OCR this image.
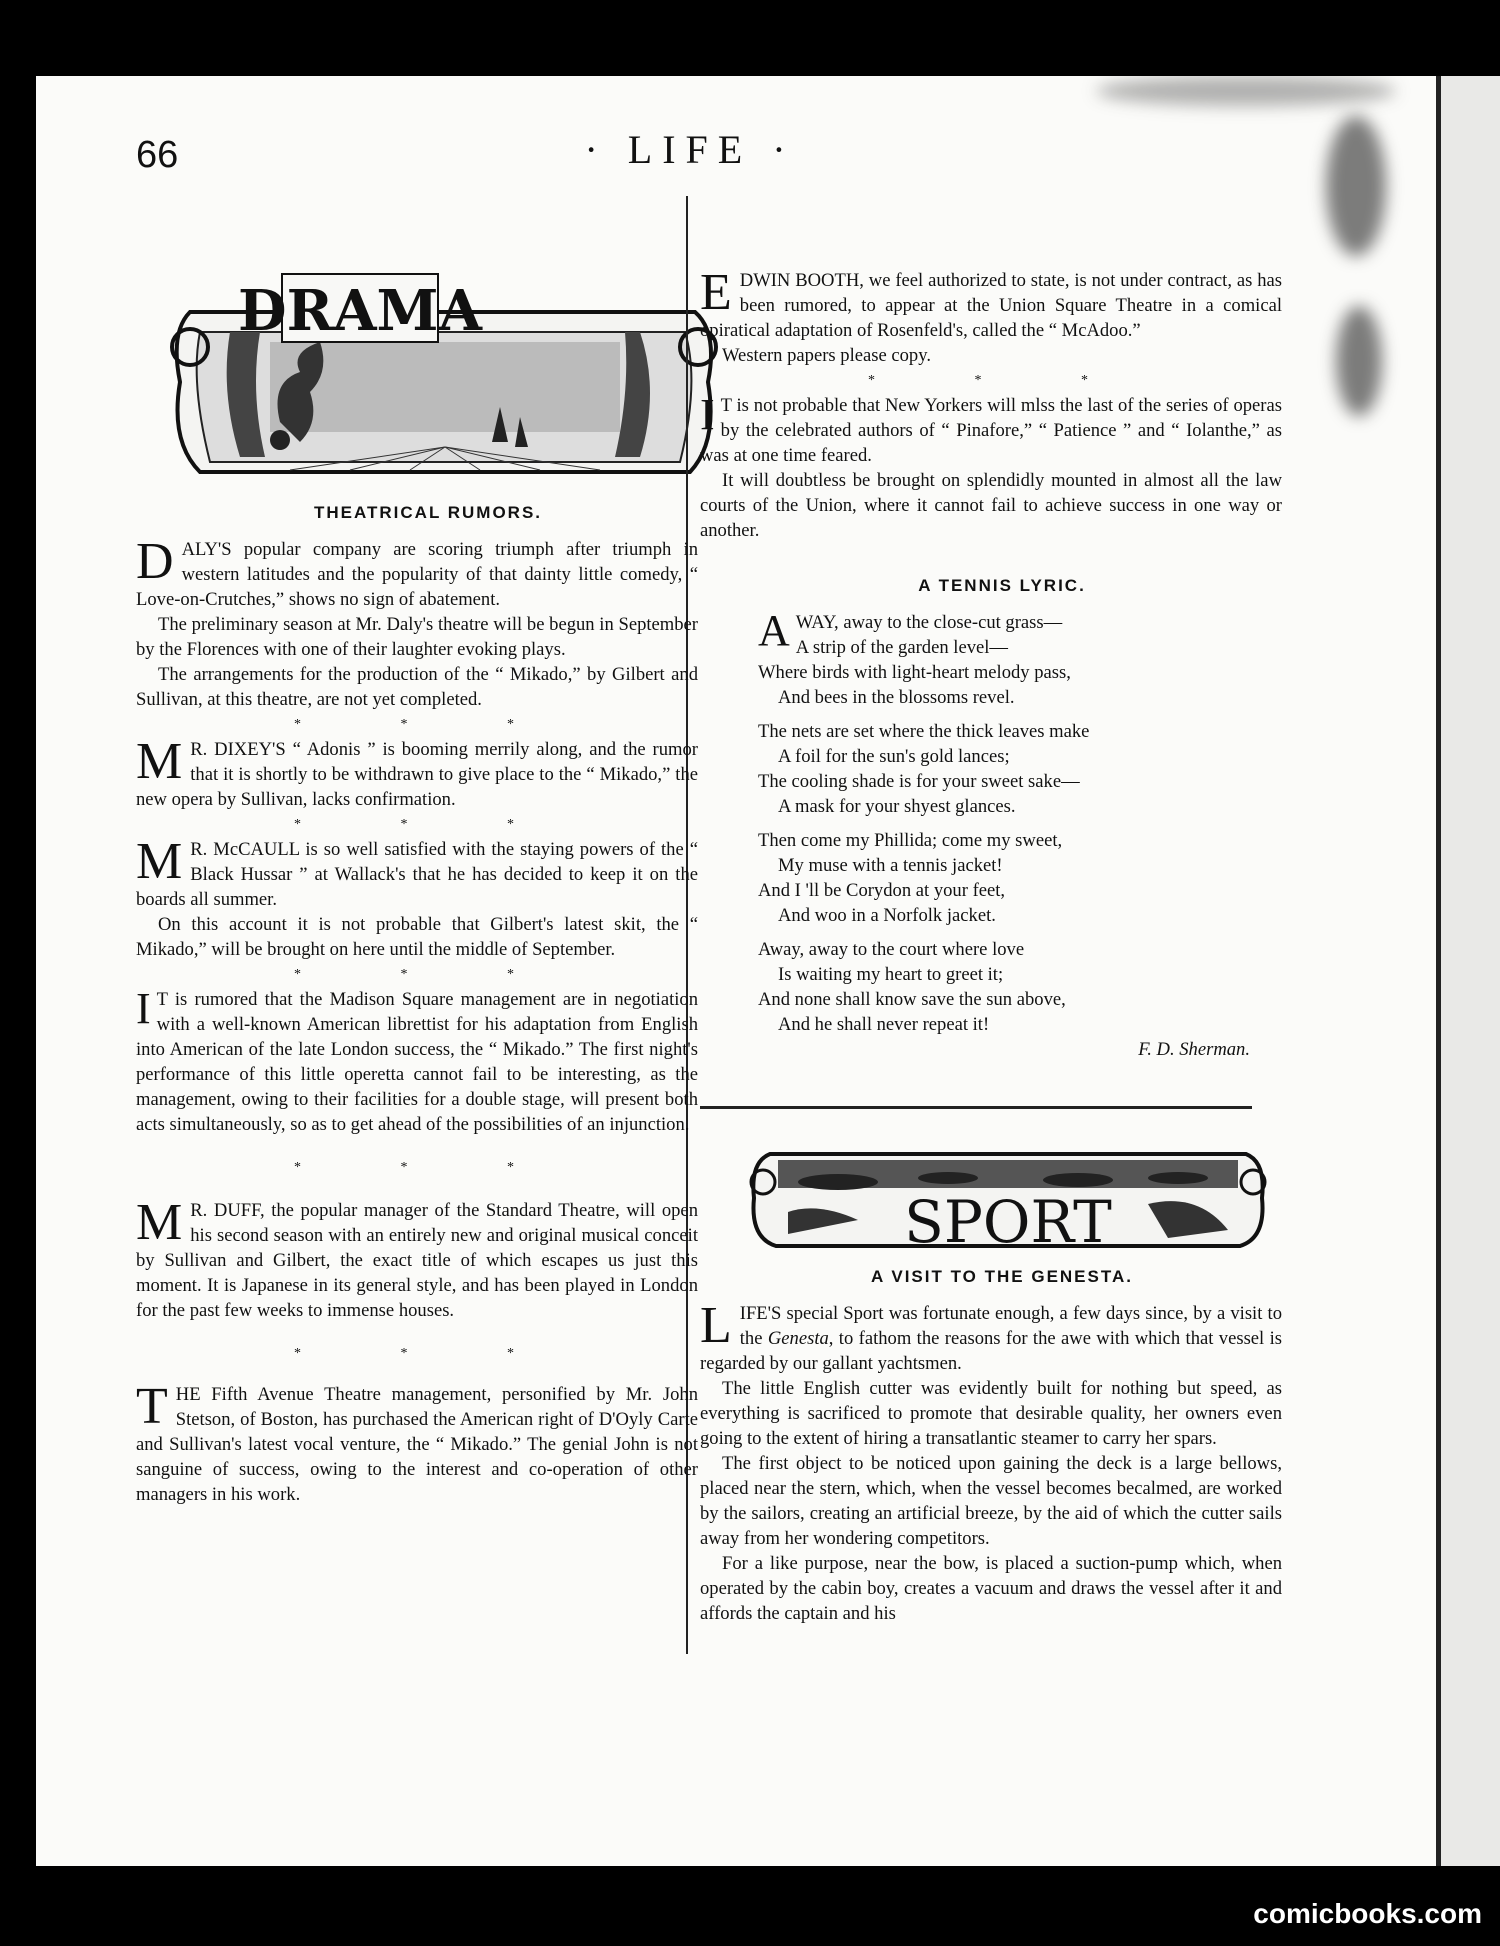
66	· LIFE ·
DRAMA

THEATRICAL RUMORS.

DALY'S popular company are scoring triumph after triumph in western latitudes and the popularity of that dainty little comedy, “ Love-on-Crutches,” shows no sign of abatement.

The preliminary season at Mr. Daly's theatre will be begun in September by the Florences with one of their laughter evoking plays.

The arrangements for the production of the “ Mikado,” by Gilbert and Sullivan, at this theatre, are not yet completed.

* * *

M R. DIXEY'S “ Adonis ” is booming merrily along, and the rumor that it is shortly to be withdrawn to give place to the “ Mikado,” the new opera by Sullivan, lacks confirmation.

* * *

M R. McCAULL is so well satisfied with the staying powers of the “ Black Hussar ” at Wallack's that he has decided to keep it on the boards all summer.

On this account it is not probable that Gilbert's latest skit, the “ Mikado,” will be brought on here until the middle of September.

* * *

I T is rumored that the Madison Square management are in negotiation with a well-known American librettist for his adaptation from English into American of the late London success, the “ Mikado.” The first night's performance of this little operetta cannot fail to be interesting, as the management, owing to their facilities for a double stage, will present both acts simultaneously, so as to get ahead of the possibilities of an injunction.

* * *

M R. DUFF, the popular manager of the Standard Theatre, will open his second season with an entirely new and original musical conceit by Sullivan and Gilbert, the exact title of which escapes us just this moment. It is Japanese in its general style, and has been played in London for the past few weeks to immense houses.

* * *

THE Fifth Avenue Theatre management, personified by Mr. John Stetson, of Boston, has purchased the American right of D'Oyly Carte and Sullivan's latest vocal venture, the “ Mikado.” The genial John is not sanguine of success, owing to the interest and co-operation of other managers in his work.

EDWIN BOOTH, we feel authorized to state, is not under contract, as has been rumored, to appear at the Union Square Theatre in a comical opiratical adaptation of Rosenfeld's, called the “ McAdoo.”

Western papers please copy.

* * *

I T is not probable that New Yorkers will mlss the last of the series of operas by the celebrated authors of “ Pinafore,” “ Patience ” and “ Iolanthe,” as was at one time feared.

It will doubtless be brought on splendidly mounted in almost all the law courts of the Union, where it cannot fail to achieve success in one way or another.

A TENNIS LYRIC.

AWAY, away to the close-cut grass—
A strip of the garden level—
Where birds with light-heart melody pass,
And bees in the blossoms revel.
The nets are set where the thick leaves make
A foil for the sun's gold lances;
The cooling shade is for your sweet sake—
A mask for your shyest glances.
Then come my Phillida; come my sweet,
My muse with a tennis jacket!
And I 'll be Corydon at your feet,
And woo in a Norfolk jacket.
Away, away to the court where love
Is waiting my heart to greet it;
And none shall know save the sun above,
And he shall never repeat it!
F. D. Sherman.
SPORT

A VISIT TO THE GENESTA.

LIFE'S special Sport was fortunate enough, a few days since, by a visit to the Genesta, to fathom the reasons for the awe with which that vessel is regarded by our gallant yachtsmen.

The little English cutter was evidently built for nothing but speed, as everything is sacrificed to promote that desirable quality, her owners even going to the extent of hiring a transatlantic steamer to carry her spars.

The first object to be noticed upon gaining the deck is a large bellows, placed near the stern, which, when the vessel becomes becalmed, are worked by the sailors, creating an artificial breeze, by the aid of which the cutter sails away from her wondering competitors.

For a like purpose, near the bow, is placed a suction-pump which, when operated by the cabin boy, creates a vacuum and draws the vessel after it and affords the captain and his

comicbooks.com
